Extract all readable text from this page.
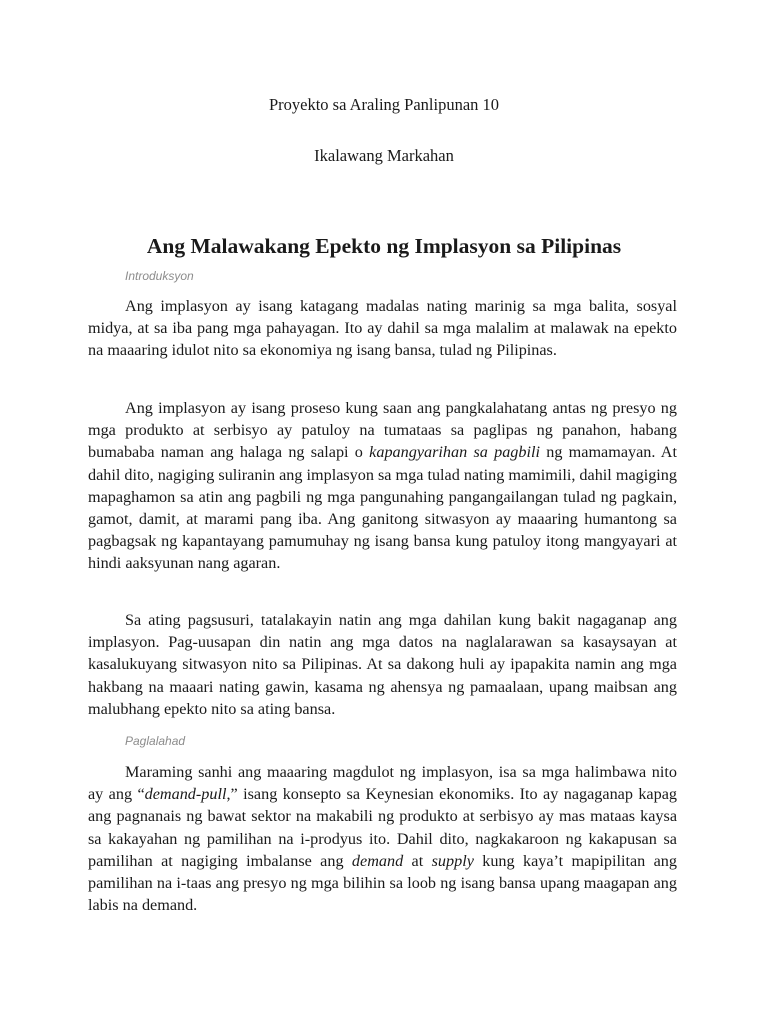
Proyekto sa Araling Panlipunan 10

Ikalawang Markahan

Ang Malawakang Epekto ng Implasyon sa Pilipinas

Introduksyon

Ang implasyon ay isang katagang madalas nating marinig sa mga balita, sosyal midya, at sa iba pang mga pahayagan. Ito ay dahil sa mga malalim at malawak na epekto na maaaring idulot nito sa ekonomiya ng isang bansa, tulad ng Pilipinas.

Ang implasyon ay isang proseso kung saan ang pangkalahatang antas ng presyo ng mga produkto at serbisyo ay patuloy na tumataas sa paglipas ng panahon, habang bumababa naman ang halaga ng salapi o kapangyarihan sa pagbili ng mamamayan. At dahil dito, nagiging suliranin ang implasyon sa mga tulad nating mamimili, dahil magiging mapaghamon sa atin ang pagbili ng mga pangunahing pangangailangan tulad ng pagkain, gamot, damit, at marami pang iba. Ang ganitong sitwasyon ay maaaring humantong sa pagbagsak ng kapantayang pamumuhay ng isang bansa kung patuloy itong mangyayari at hindi aaksyunan nang agaran.

Sa ating pagsusuri, tatalakayin natin ang mga dahilan kung bakit nagaganap ang implasyon. Pag-uusapan din natin ang mga datos na naglalarawan sa kasaysayan at kasalukuyang sitwasyon nito sa Pilipinas. At sa dakong huli ay ipapakita namin ang mga hakbang na maaari nating gawin, kasama ng ahensya ng pamaalaan, upang maibsan ang malubhang epekto nito sa ating bansa.

Paglalahad

Maraming sanhi ang maaaring magdulot ng implasyon, isa sa mga halimbawa nito ay ang “demand-pull,” isang konsepto sa Keynesian ekonomiks. Ito ay nagaganap kapag ang pagnanais ng bawat sektor na makabili ng produkto at serbisyo ay mas mataas kaysa sa kakayahan ng pamilihan na i-prodyus ito. Dahil dito, nagkakaroon ng kakapusan sa pamilihan at nagiging imbalanse ang demand at supply kung kaya’t mapipilitan ang pamilihan na i-taas ang presyo ng mga bilihin sa loob ng isang bansa upang maagapan ang labis na demand.
